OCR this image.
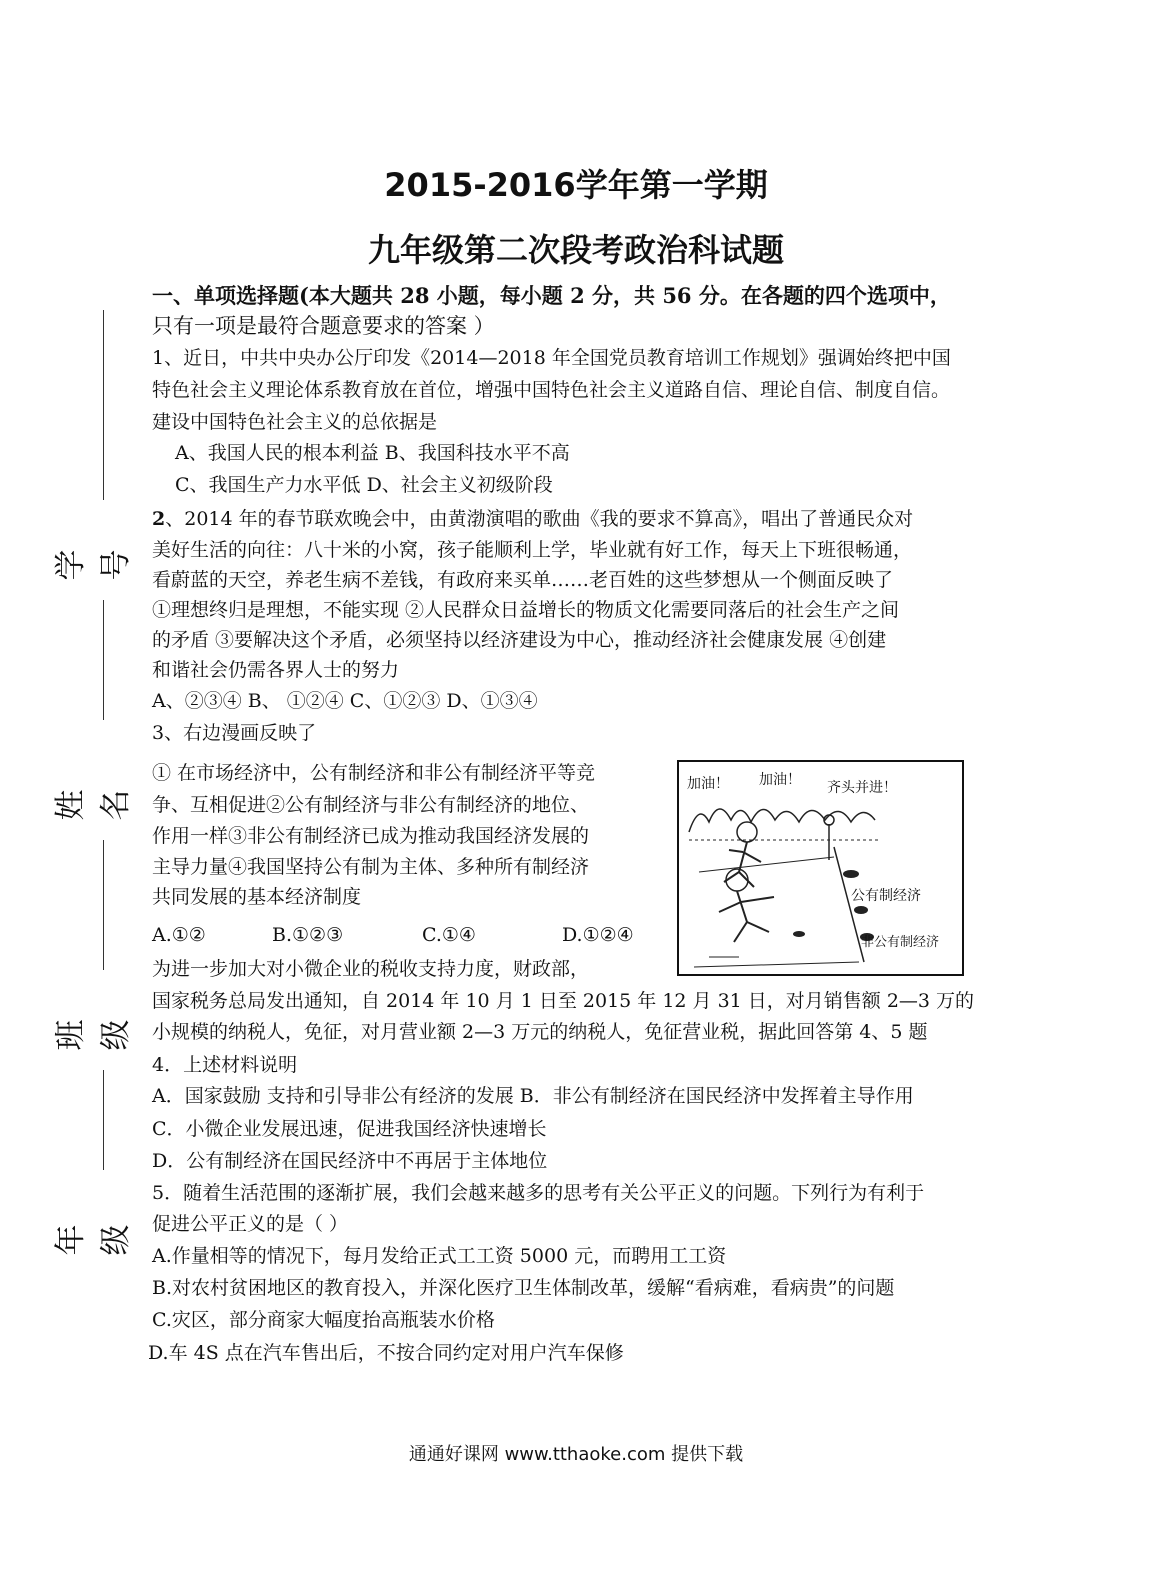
2015-2016学年第一学期
九年级第二次段考政治科试题
学号
姓名
班级
年级
一、单项选择题(本大题共 28 小题，每小题 2 分，共 56 分。在各题的四个选项中，
只有一项是最符合题意要求的答案 ）
1、近日，中共中央办公厅印发《2014—2018 年全国党员教育培训工作规划》强调始终把中国
特色社会主义理论体系教育放在首位，增强中国特色社会主义道路自信、理论自信、制度自信。
建设中国特色社会主义的总依据是
A、我国人民的根本利益 B、我国科技水平不高
C、我国生产力水平低 D、社会主义初级阶段
2、2014 年的春节联欢晚会中，由黄渤演唱的歌曲《我的要求不算高》，唱出了普通民众对
美好生活的向往：八十米的小窝，孩子能顺利上学，毕业就有好工作，每天上下班很畅通，
看蔚蓝的天空，养老生病不差钱，有政府来买单……老百姓的这些梦想从一个侧面反映了
①理想终归是理想，不能实现 ②人民群众日益增长的物质文化需要同落后的社会生产之间
的矛盾 ③要解决这个矛盾，必须坚持以经济建设为中心，推动经济社会健康发展 ④创建
和谐社会仍需各界人士的努力
A、②③④ B、 ①②④ C、①②③ D、①③④
3、右边漫画反映了
① 在市场经济中，公有制经济和非公有制经济平等竞
争、互相促进②公有制经济与非公有制经济的地位、
作用一样③非公有制经济已成为推动我国经济发展的
主导力量④我国坚持公有制为主体、多种所有制经济
共同发展的基本经济制度
A.①②	B.①②③	C.①④	D.①②④
加油！ 加油！ 齐头并进！
公有制经济
非公有制经济
为进一步加大对小微企业的税收支持力度，财政部，
国家税务总局发出通知，自 2014 年 10 月 1 日至 2015 年 12 月 31 日，对月销售额 2—3 万的
小规模的纳税人，免征，对月营业额 2—3 万元的纳税人，免征营业税，据此回答第 4、5 题
4．上述材料说明
A．国家鼓励 支持和引导非公有经济的发展 B．非公有制经济在国民经济中发挥着主导作用
C．小微企业发展迅速，促进我国经济快速增长
D．公有制经济在国民经济中不再居于主体地位
5．随着生活范围的逐渐扩展，我们会越来越多的思考有关公平正义的问题。下列行为有利于
促进公平正义的是（ ）
A.作量相等的情况下，每月发给正式工工资 5000 元，而聘用工工资
B.对农村贫困地区的教育投入，并深化医疗卫生体制改革，缓解“看病难，看病贵”的问题
C.灾区，部分商家大幅度抬高瓶装水价格
D.车 4S 点在汽车售出后，不按合同约定对用户汽车保修
通通好课网 www.tthaoke.com 提供下载
